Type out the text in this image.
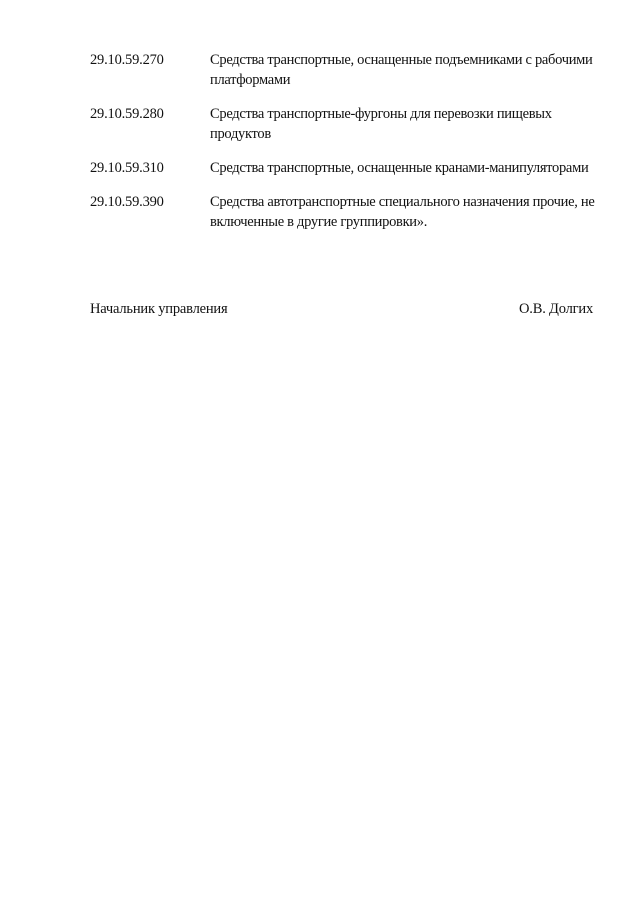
29.10.59.270	Средства транспортные, оснащенные подъемниками с рабочими платформами
29.10.59.280	Средства транспортные-фургоны для перевозки пищевых продуктов
29.10.59.310	Средства транспортные, оснащенные кранами-манипуляторами
29.10.59.390	Средства автотранспортные специального назначения прочие, не включенные в другие группировки».
Начальник управления	О.В. Долгих
